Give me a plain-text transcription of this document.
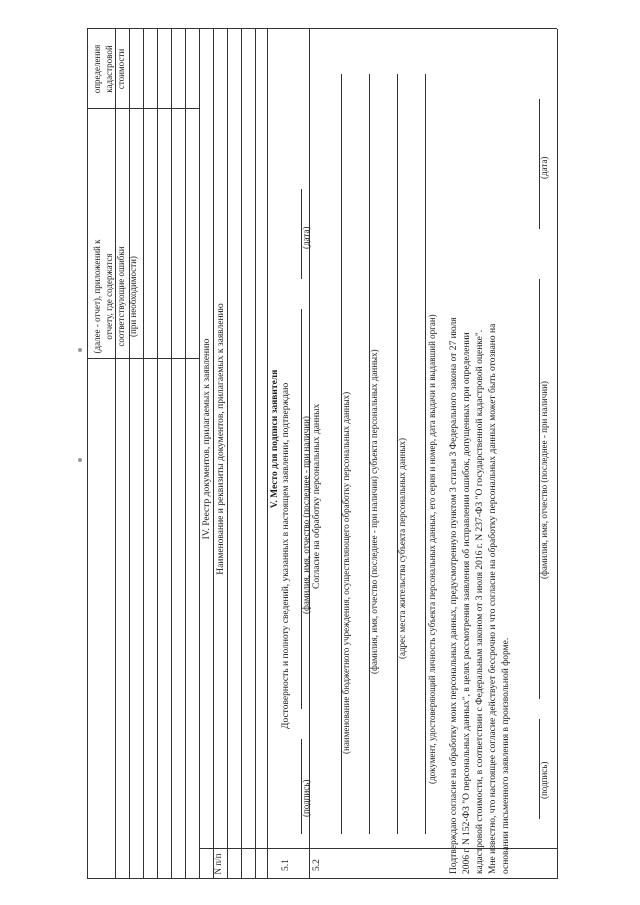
(далее - отчет), приложений к отчету, где содержатся соответствующие ошибки (при необходимости)
определения кадастровой стоимости
IV. Реестр документов, прилагаемых к заявлению
N п/п
Наименование и реквизиты документов, прилагаемых к заявлению	V. Место для подписи заявителя
5.1
Достоверность и полноту сведений, указанных в настоящем заявлении, подтверждаю
(подпись)
(фамилия, имя, отчество (последнее - при наличии)
(дата)
5.2
Согласие на обработку персональных данных (наименование бюджетного учреждения, осуществляющего обработку персональных данных) (фамилия, имя, отчество (последнее - при наличии) субъекта персональных данных) (адрес места жительства субъекта персональных данных) (документ, удостоверяющий личность субъекта персональных данных, его серия и номер, дата выдачи и выдавший орган) Подтверждаю согласие на обработку моих персональных данных, предусмотренную пунктом 3 статьи 3 Федерального закона от 27 июля 2006 г. N 152-ФЗ "О персональных данных", в целях рассмотрения заявления об исправлении ошибок, допущенных при определении кадастровой стоимости, в соответствии с Федеральным законом от 3 июля 2016 г. N 237-ФЗ "О государственной кадастровой оценке". Мне известно, что настоящее согласие действует бессрочно и что согласие на обработку персональных данных может быть отозвано на основании письменного заявления в произвольной форме.	(подпись)
(фамилия, имя, отчество (последнее - при наличии)
(дата)
